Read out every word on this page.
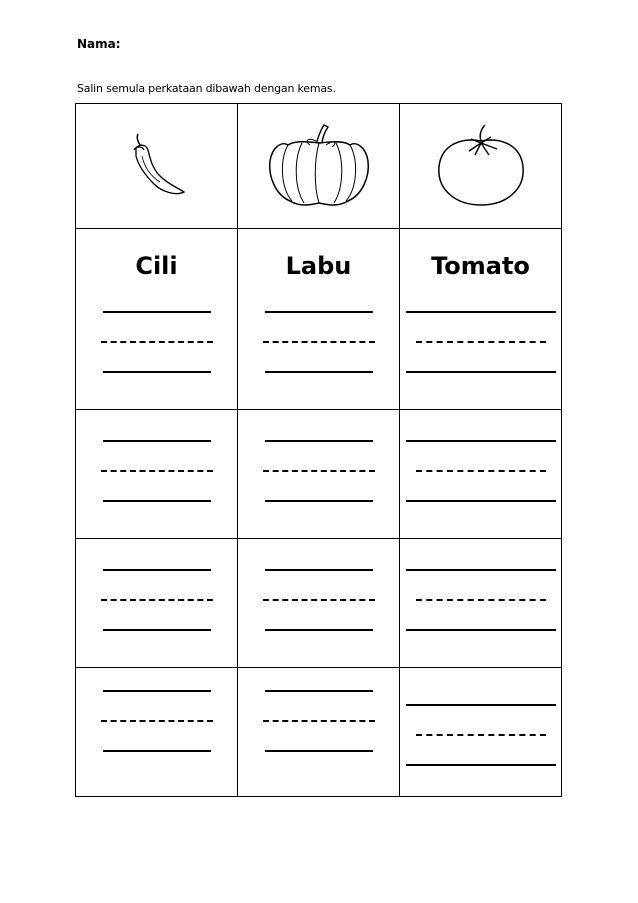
Nama:
Salin semula perkataan dibawah dengan kemas.

Cili	Labu	Tomato
